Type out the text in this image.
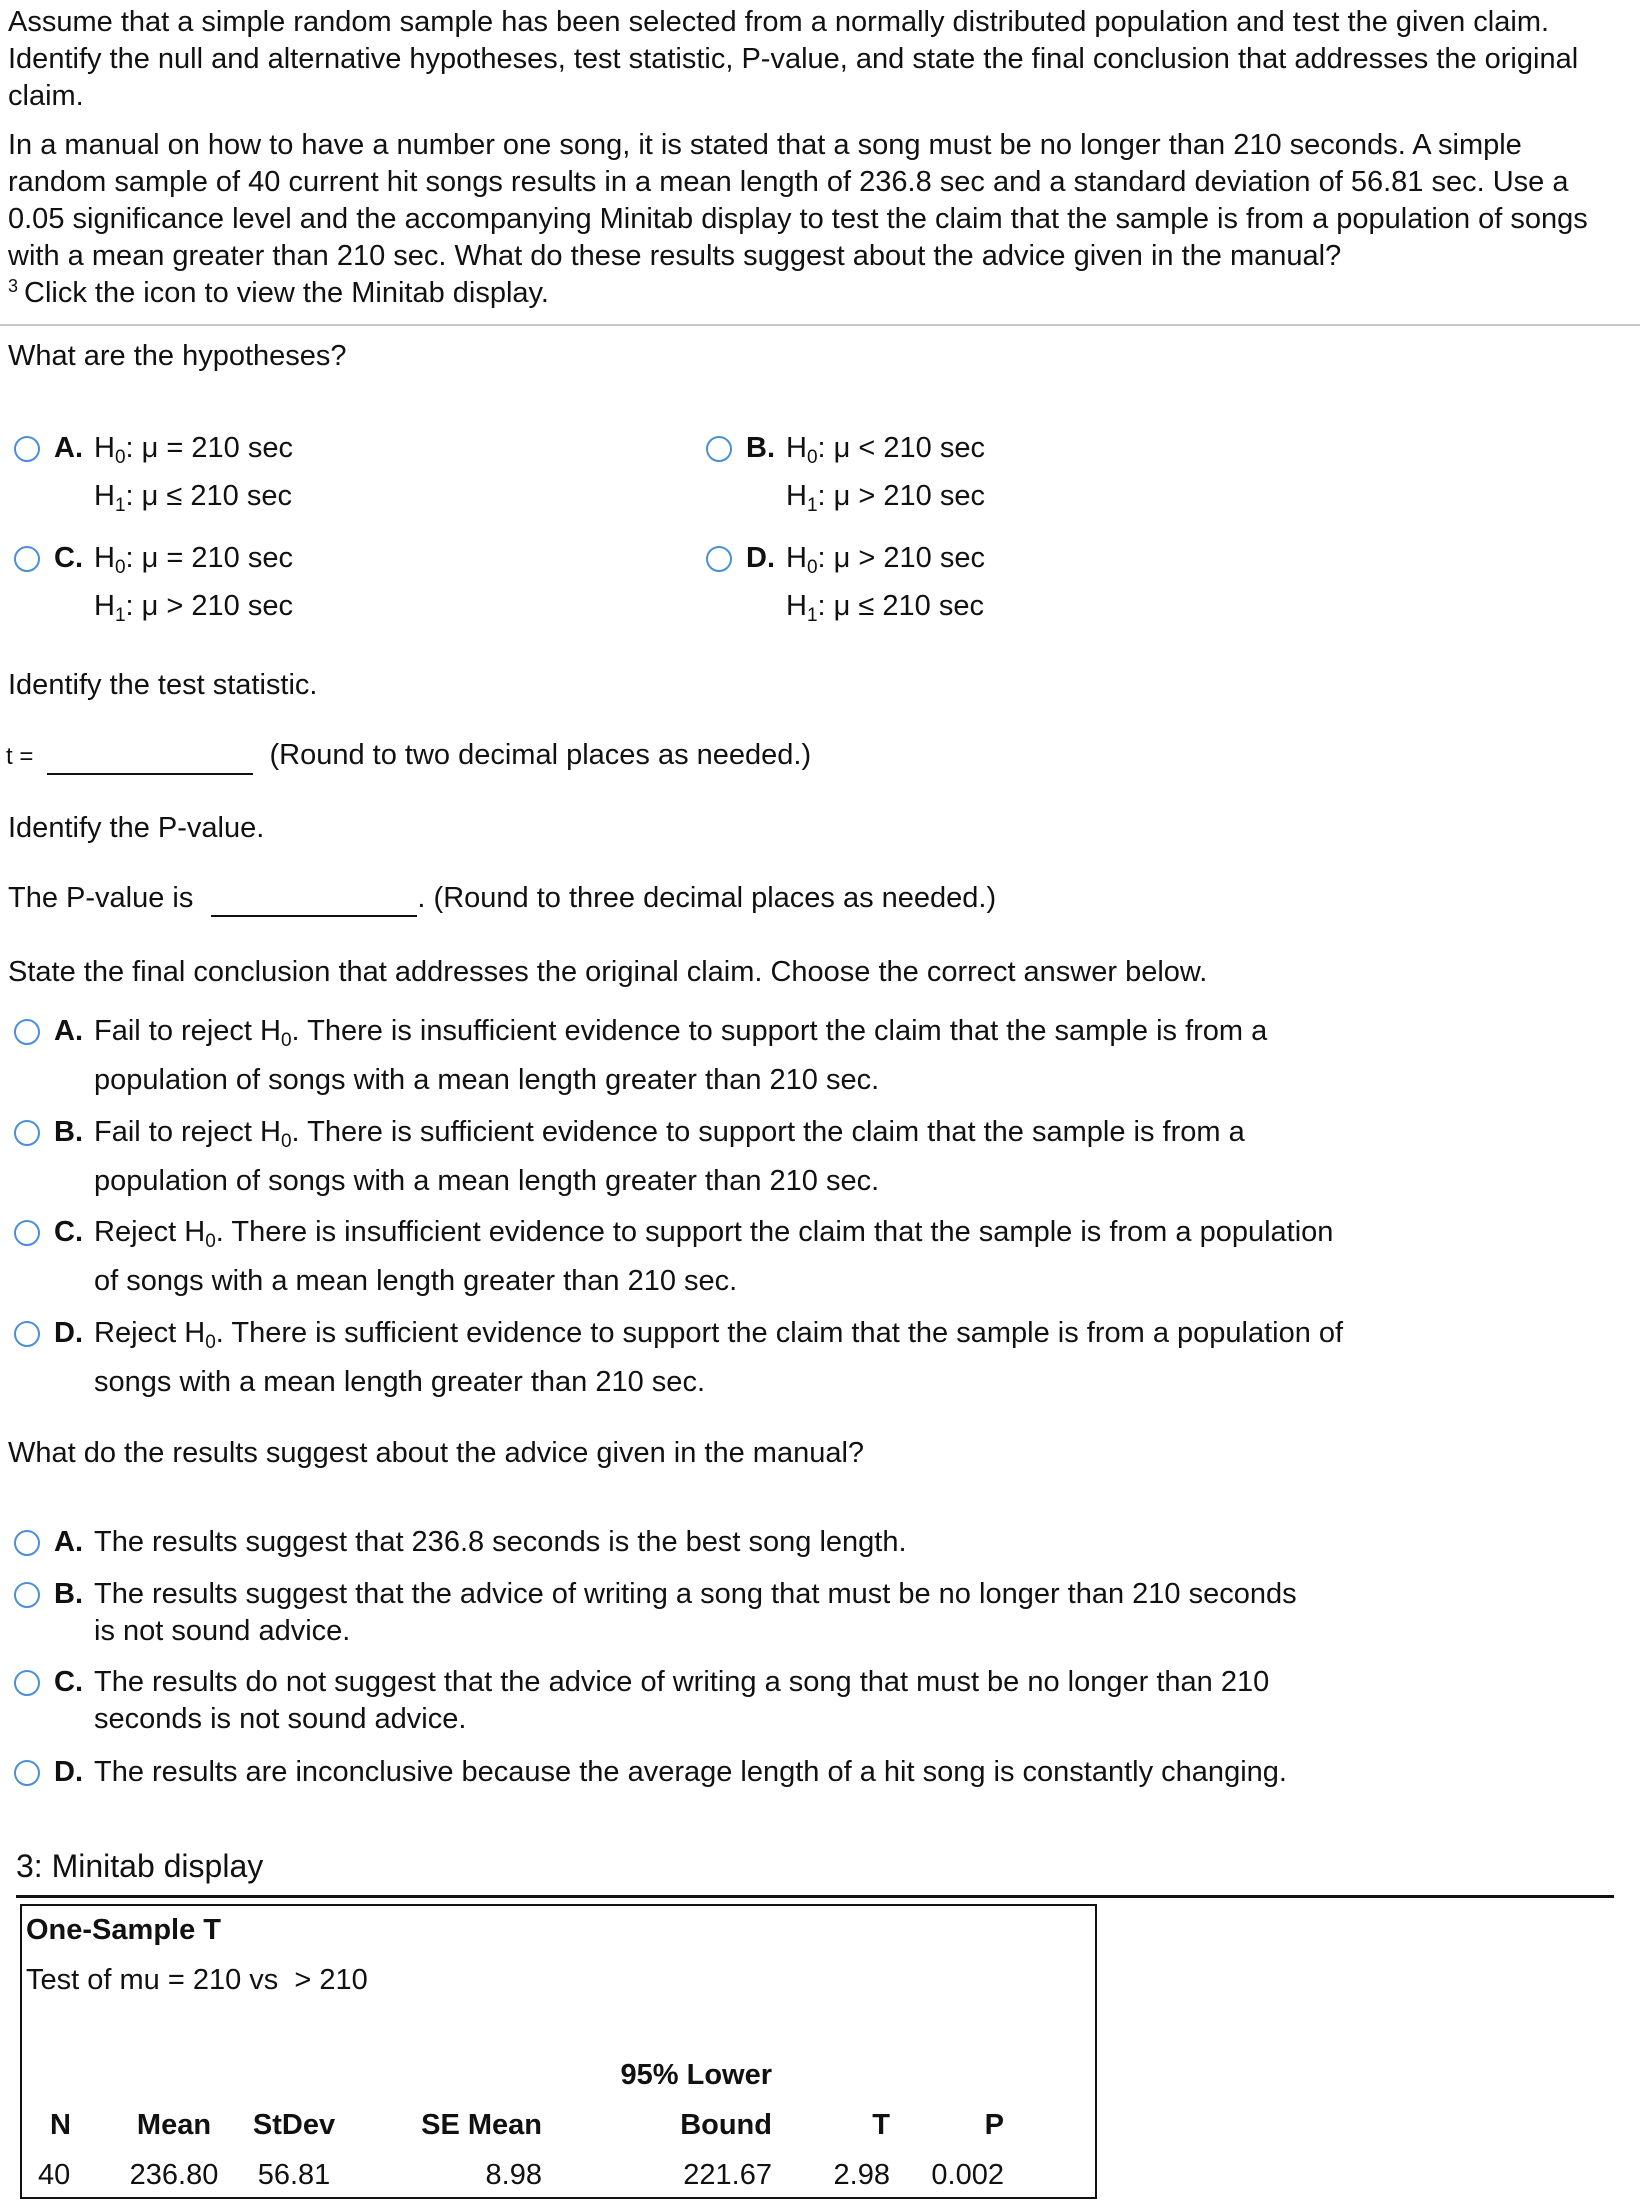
Assume that a simple random sample has been selected from a normally distributed population and test the given claim. Identify the null and alternative hypotheses, test statistic, P-value, and state the final conclusion that addresses the original claim.

In a manual on how to have a number one song, it is stated that a song must be no longer than 210 seconds. A simple random sample of 40 current hit songs results in a mean length of 236.8 sec and a standard deviation of 56.81 sec. Use a 0.05 significance level and the accompanying Minitab display to test the claim that the sample is from a population of songs with a mean greater than 210 sec. What do these results suggest about the advice given in the manual?

$^3$ Click the icon to view the Minitab display.

What are the hypotheses?
A. $H_0$: μ = 210 sec
$H_1$: μ ≤ 210 sec
B. $H_0$: μ < 210 sec
$H_1$: μ > 210 sec
C. $H_0$: μ = 210 sec
$H_1$: μ > 210 sec
D. $H_0$: μ > 210 sec
$H_1$: μ ≤ 210 sec
Identify the test statistic.
t =	(Round to two decimal places as needed.)
Identify the P-value.
The P-value is	. (Round to three decimal places as needed.)
State the final conclusion that addresses the original claim. Choose the correct answer below.
A. Fail to reject $H_0$. There is insufficient evidence to support the claim that the sample is from a population of songs with a mean length greater than 210 sec.
B. Fail to reject $H_0$. There is sufficient evidence to support the claim that the sample is from a population of songs with a mean length greater than 210 sec.
C. Reject $H_0$. There is insufficient evidence to support the claim that the sample is from a population of songs with a mean length greater than 210 sec.
D. Reject $H_0$. There is sufficient evidence to support the claim that the sample is from a population of songs with a mean length greater than 210 sec.
What do the results suggest about the advice given in the manual?
A. The results suggest that 236.8 seconds is the best song length.
B. The results suggest that the advice of writing a song that must be no longer than 210 seconds is not sound advice.
C. The results do not suggest that the advice of writing a song that must be no longer than 210 seconds is not sound advice.
D. The results are inconclusive because the average length of a hit song is constantly changing.
3: Minitab display
One-Sample T
Test of mu = 210 vs  > 210
				95% Lower		
N	Mean	StDev	SE Mean	Bound	T	P
40	236.80	56.81	8.98	221.67	2.98	0.002
